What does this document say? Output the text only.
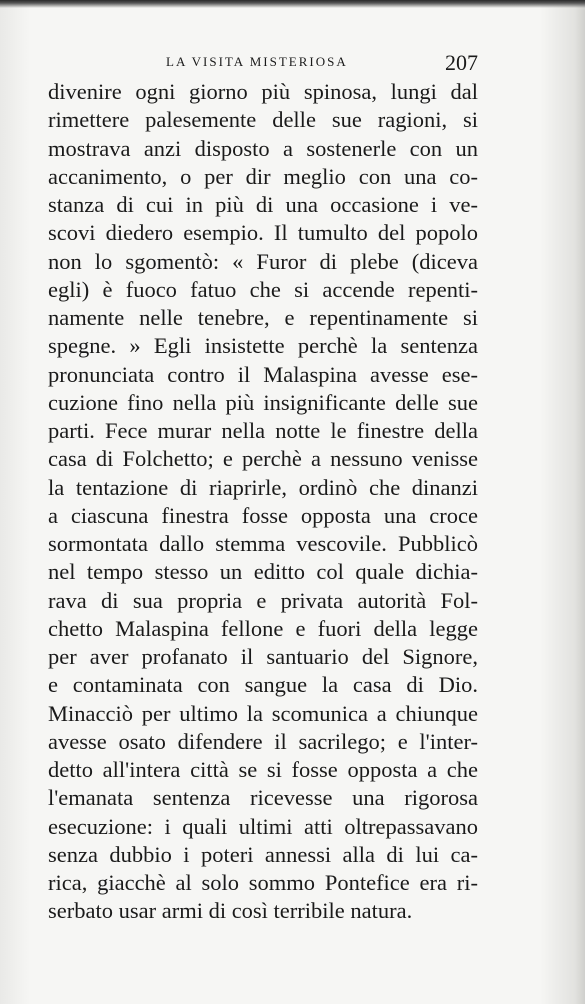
LA VISITA MISTERIOSA	207
divenire ogni giorno più spinosa, lungi dal
rimettere palesemente delle sue ragioni, si
mostrava anzi disposto a sostenerle con un
accanimento, o per dir meglio con una co-
stanza di cui in più di una occasione i ve-
scovi diedero esempio. Il tumulto del popolo
non lo sgomentò: « Furor di plebe (diceva
egli) è fuoco fatuo che si accende repenti-
namente nelle tenebre, e repentinamente si
spegne. » Egli insistette perchè la sentenza
pronunciata contro il Malaspina avesse ese-
cuzione fino nella più insignificante delle sue
parti. Fece murar nella notte le finestre della
casa di Folchetto; e perchè a nessuno venisse
la tentazione di riaprirle, ordinò che dinanzi
a ciascuna finestra fosse opposta una croce
sormontata dallo stemma vescovile. Pubblicò
nel tempo stesso un editto col quale dichia-
rava di sua propria e privata autorità Fol-
chetto Malaspina fellone e fuori della legge
per aver profanato il santuario del Signore,
e contaminata con sangue la casa di Dio.
Minacciò per ultimo la scomunica a chiunque
avesse osato difendere il sacrilego; e l'inter-
detto all'intera città se si fosse opposta a che
l'emanata sentenza ricevesse una rigorosa
esecuzione: i quali ultimi atti oltrepassavano
senza dubbio i poteri annessi alla di lui ca-
rica, giacchè al solo sommo Pontefice era ri-
serbato usar armi di così terribile natura.
